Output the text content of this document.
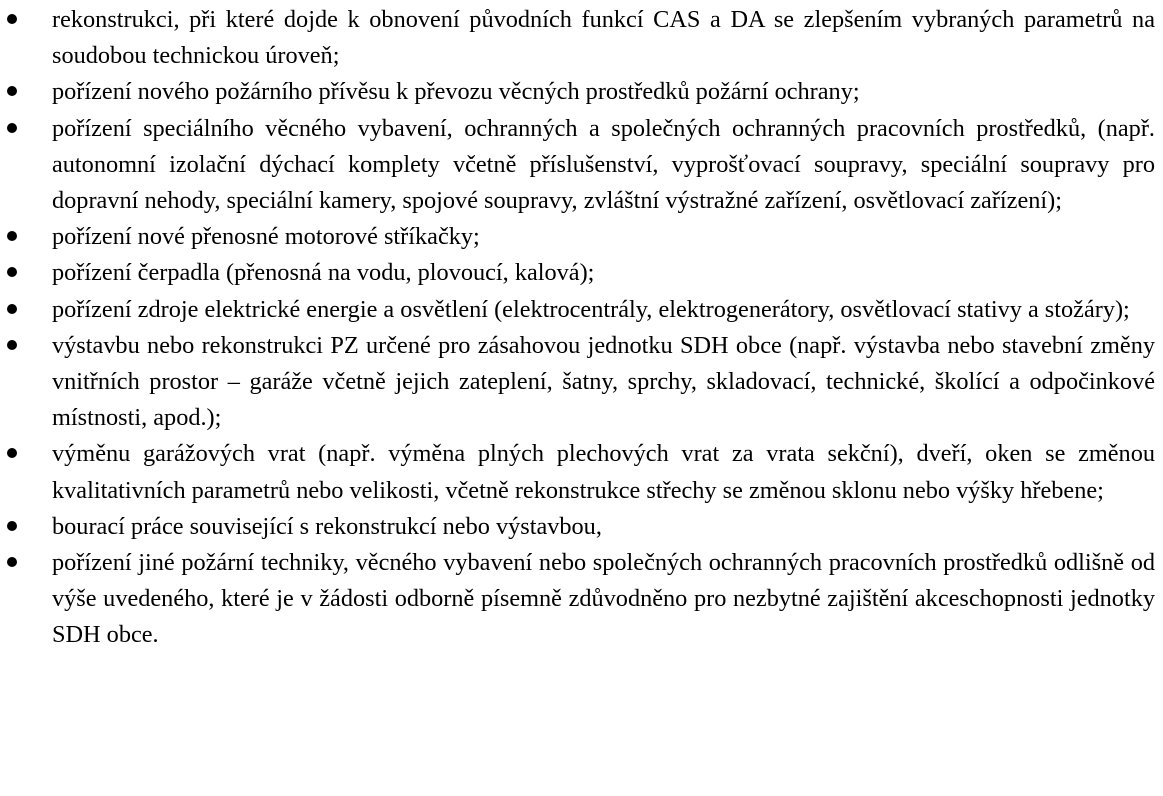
rekonstrukci, při které dojde k obnovení původních funkcí CAS a DA se zlepšením vybraných parametrů na soudobou technickou úroveň;
pořízení nového požárního přívěsu k převozu věcných prostředků požární ochrany;
pořízení speciálního věcného vybavení, ochranných a společných ochranných pracovních prostředků, (např. autonomní izolační dýchací komplety včetně příslušenství, vyprošťovací soupravy, speciální soupravy pro dopravní nehody, speciální kamery, spojové soupravy, zvláštní výstražné zařízení, osvětlovací zařízení);
pořízení nové přenosné motorové stříkačky;
pořízení čerpadla (přenosná na vodu, plovoucí, kalová);
pořízení zdroje elektrické energie a osvětlení (elektrocentrály, elektrogenerátory, osvětlovací stativy a stožáry);
výstavbu nebo rekonstrukci PZ určené pro zásahovou jednotku SDH obce (např. výstavba nebo stavební změny vnitřních prostor – garáže včetně jejich zateplení, šatny, sprchy, skladovací, technické, školící a odpočinkové místnosti, apod.);
výměnu garážových vrat (např. výměna plných plechových vrat za vrata sekční), dveří, oken se změnou kvalitativních parametrů nebo velikosti, včetně rekonstrukce střechy se změnou sklonu nebo výšky hřebene;
bourací práce související s rekonstrukcí nebo výstavbou,
pořízení jiné požární techniky, věcného vybavení nebo společných ochranných pracovních prostředků odlišně od výše uvedeného, které je v žádosti odborně písemně zdůvodněno pro nezbytné zajištění akceschopnosti jednotky SDH obce.
